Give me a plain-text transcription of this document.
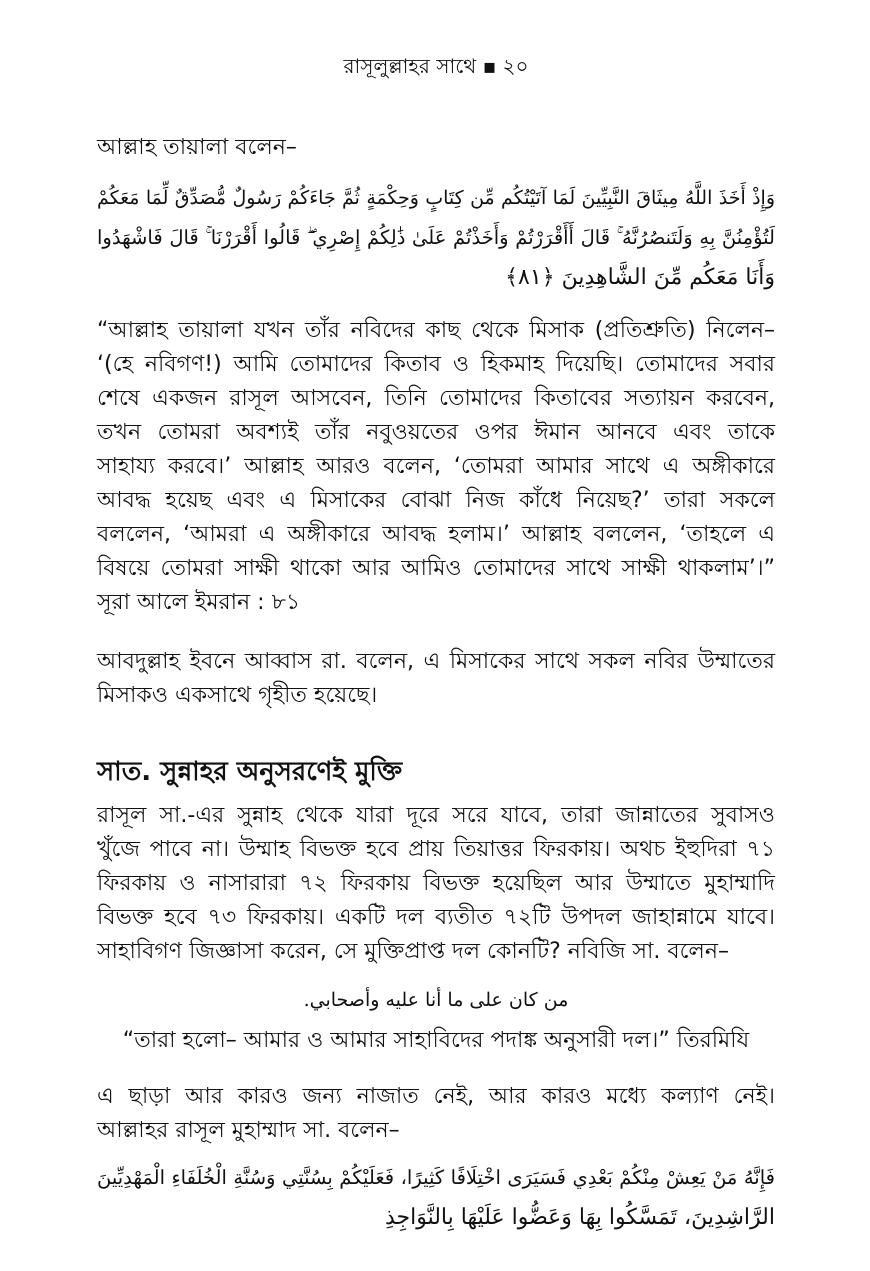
রাসূলুল্লাহর সাথে ▪ ২০
আল্লাহ তায়ালা বলেন–
وَإِذْ أَخَذَ اللَّهُ مِيثَاقَ النَّبِيِّينَ لَمَا آتَيْتُكُم مِّن كِتَابٍ وَحِكْمَةٍ ثُمَّ جَاءَكُمْ رَسُولٌ مُّصَدِّقٌ لِّمَا مَعَكُمْ
لَتُؤْمِنُنَّ بِهِ وَلَتَنصُرُنَّهُ ۚ قَالَ أَأَقْرَرْتُمْ وَأَخَذْتُمْ عَلَىٰ ذَٰلِكُمْ إِصْرِي ۖ قَالُوا أَقْرَرْنَا ۚ قَالَ فَاشْهَدُوا
وَأَنَا مَعَكُم مِّنَ الشَّاهِدِينَ ﴿٨١﴾
“আল্লাহ তায়ালা যখন তাঁর নবিদের কাছ থেকে মিসাক (প্রতিশ্রুতি) নিলেন–
‘(হে নবিগণ!) আমি তোমাদের কিতাব ও হিকমাহ দিয়েছি। তোমাদের সবার
শেষে একজন রাসূল আসবেন, তিনি তোমাদের কিতাবের সত্যায়ন করবেন,
তখন তোমরা অবশ্যই তাঁর নবুওয়তের ওপর ঈমান আনবে এবং তাকে
সাহায্য করবে।’ আল্লাহ আরও বলেন, ‘তোমরা আমার সাথে এ অঙ্গীকারে
আবদ্ধ হয়েছ এবং এ মিসাকের বোঝা নিজ কাঁধে নিয়েছ?’ তারা সকলে
বললেন, ‘আমরা এ অঙ্গীকারে আবদ্ধ হলাম।’ আল্লাহ বললেন, ‘তাহলে এ
বিষয়ে তোমরা সাক্ষী থাকো আর আমিও তোমাদের সাথে সাক্ষী থাকলাম’।”
সূরা আলে ইমরান : ৮১
আবদুল্লাহ ইবনে আব্বাস রা. বলেন, এ মিসাকের সাথে সকল নবির উম্মাতের
মিসাকও একসাথে গৃহীত হয়েছে।
সাত. সুন্নাহর অনুসরণেই মুক্তি
রাসূল সা.-এর সুন্নাহ থেকে যারা দূরে সরে যাবে, তারা জান্নাতের সুবাসও
খুঁজে পাবে না। উম্মাহ বিভক্ত হবে প্রায় তিয়াত্তর ফিরকায়। অথচ ইহুদিরা ৭১
ফিরকায় ও নাসারারা ৭২ ফিরকায় বিভক্ত হয়েছিল আর উম্মাতে মুহাম্মাদি
বিভক্ত হবে ৭৩ ফিরকায়। একটি দল ব্যতীত ৭২টি উপদল জাহান্নামে যাবে।
সাহাবিগণ জিজ্ঞাসা করেন, সে মুক্তিপ্রাপ্ত দল কোনটি? নবিজি সা. বলেন–
من كان على ما أنا عليه وأصحابي.
“তারা হলো– আমার ও আমার সাহাবিদের পদাঙ্ক অনুসারী দল।” তিরমিযি
এ ছাড়া আর কারও জন্য নাজাত নেই, আর কারও মধ্যে কল্যাণ নেই।
আল্লাহর রাসূল মুহাম্মাদ সা. বলেন–
فَإِنَّهُ مَنْ يَعِشْ مِنْكُمْ بَعْدِي فَسَيَرَى اخْتِلَافًا كَثِيرًا، فَعَلَيْكُمْ بِسُنَّتِي وَسُنَّةِ الْخُلَفَاءِ الْمَهْدِيِّينَ
الرَّاشِدِينَ، تَمَسَّكُوا بِهَا وَعَضُّوا عَلَيْهَا بِالنَّوَاجِذِ
